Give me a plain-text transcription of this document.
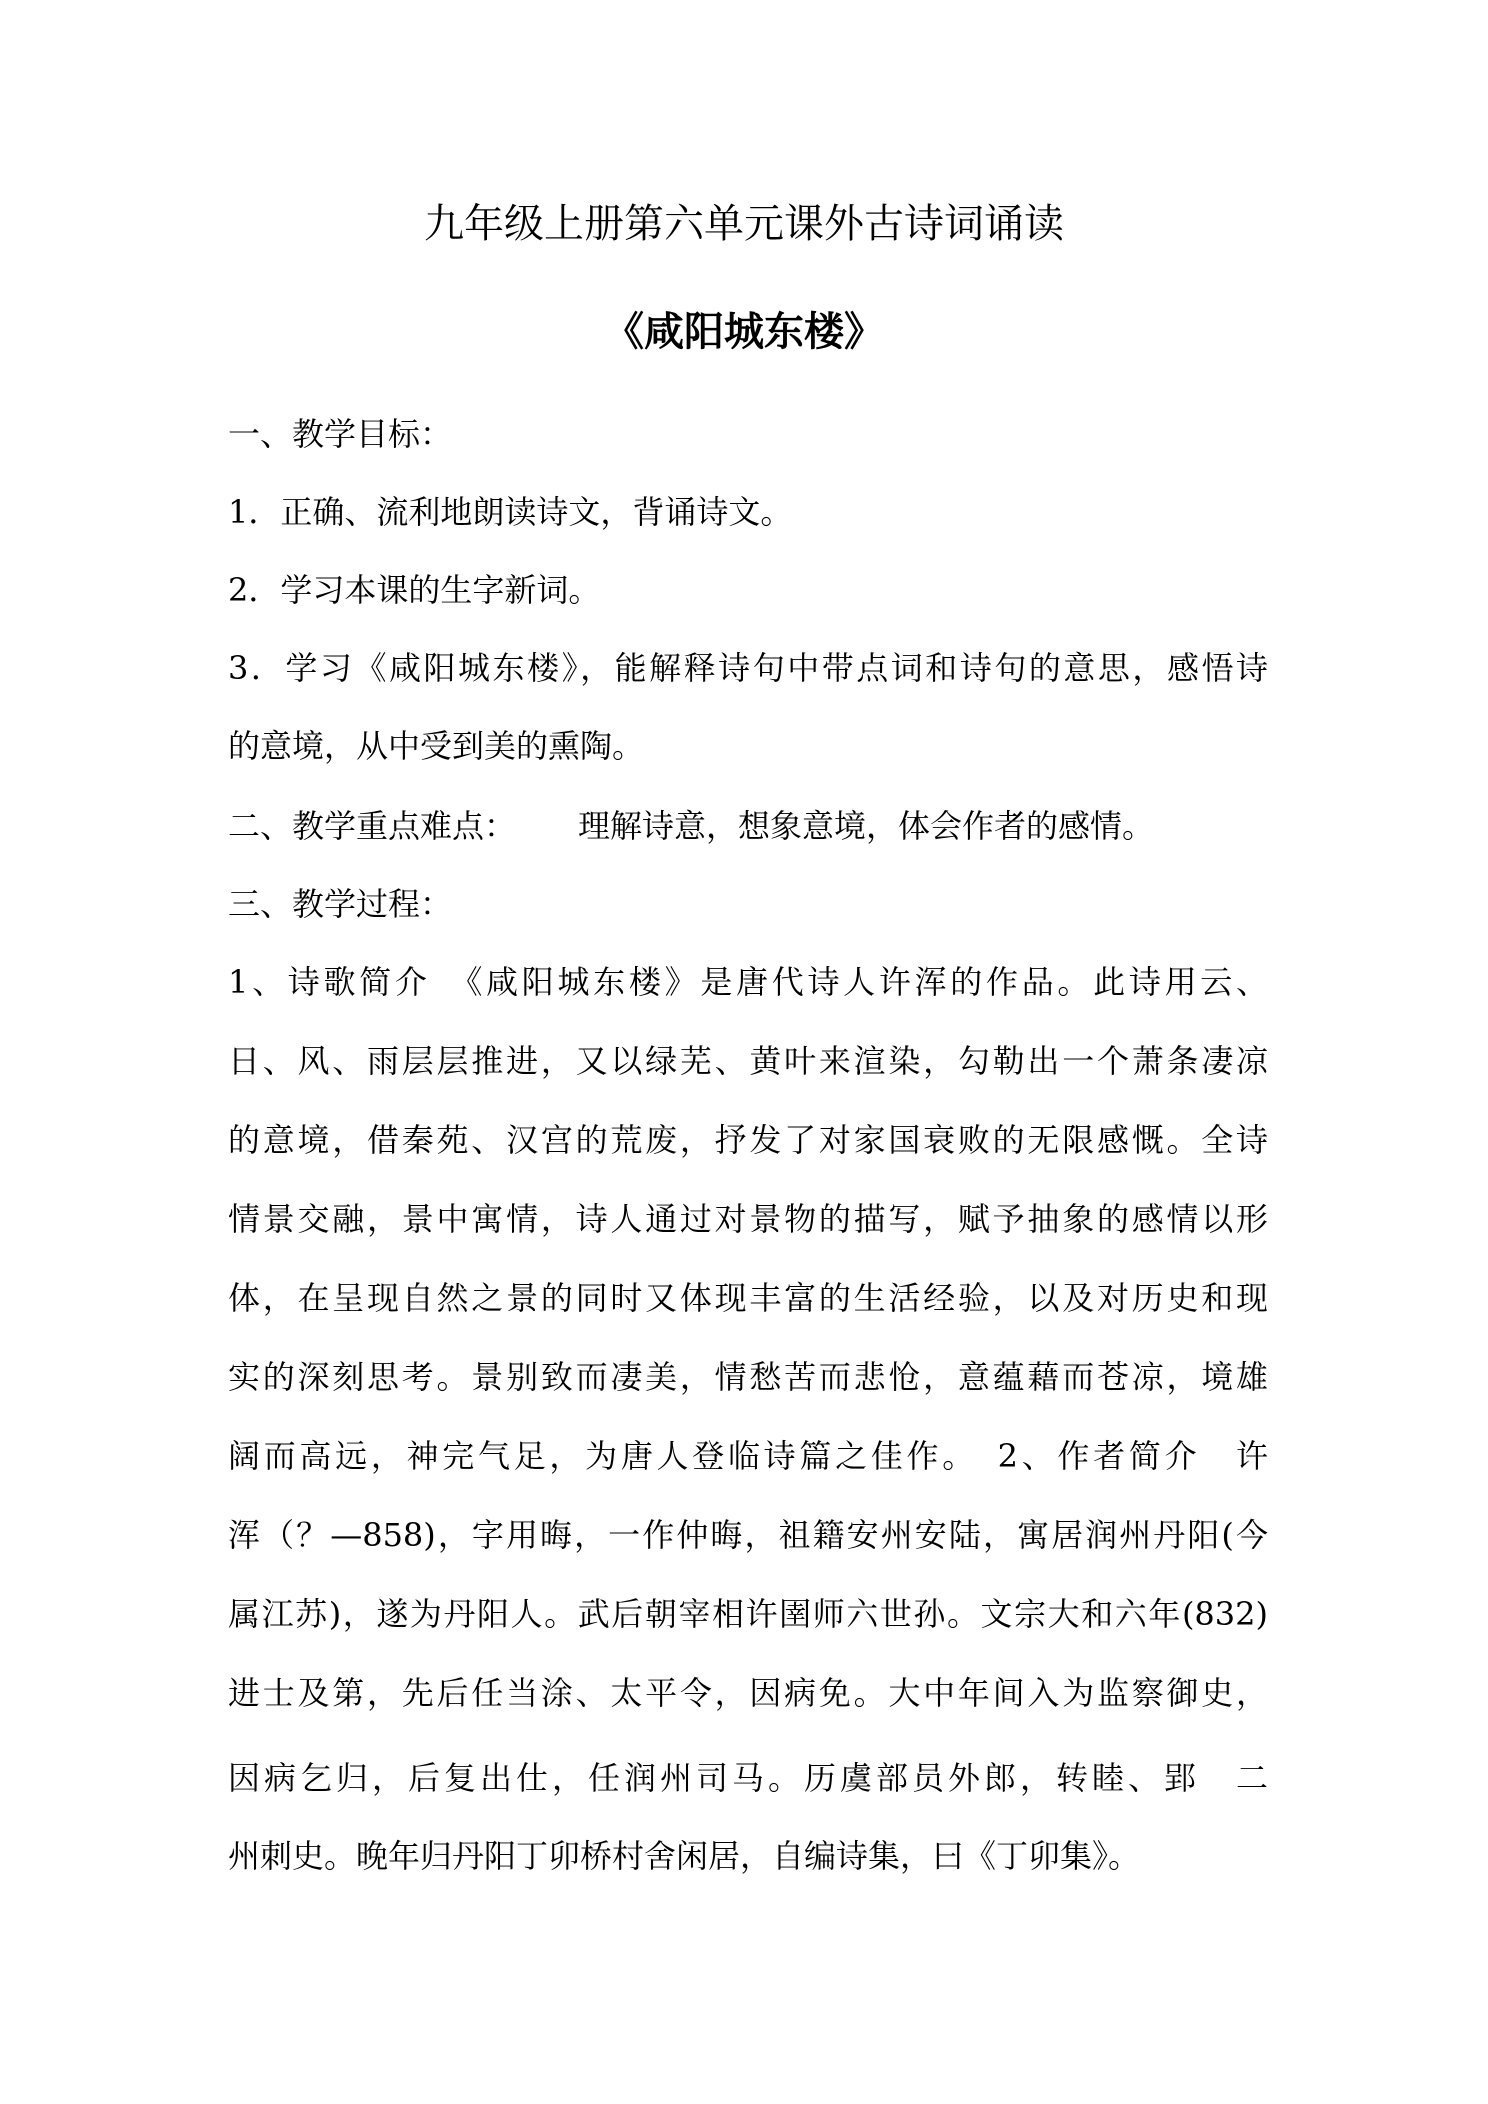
九年级上册第六单元课外古诗词诵读
《咸阳城东楼》
一、教学目标：
1．正确、流利地朗读诗文，背诵诗文。
2．学习本课的生字新词。
3．学习《咸阳城东楼》，能解释诗句中带点词和诗句的意思，感悟诗
的意境，从中受到美的熏陶。
二、教学重点难点： 理解诗意，想象意境，体会作者的感情。
三、教学过程：
1、诗歌简介　《咸阳城东楼》是唐代诗人许浑的作品。此诗用云、
日、风、雨层层推进，又以绿芜、黄叶来渲染，勾勒出一个萧条凄凉
的意境，借秦苑、汉宫的荒废，抒发了对家国衰败的无限感慨。全诗
情景交融，景中寓情，诗人通过对景物的描写，赋予抽象的感情以形
体，在呈现自然之景的同时又体现丰富的生活经验，以及对历史和现
实的深刻思考。景别致而凄美，情愁苦而悲怆，意蕴藉而苍凉，境雄
阔而高远，神完气足，为唐人登临诗篇之佳作。　2、作者简介　许
浑（？—858)，字用晦，一作仲晦，祖籍安州安陆，寓居润州丹阳(今
属江苏)，遂为丹阳人。武后朝宰相许圉师六世孙。文宗大和六年(832)
进士及第，先后任当涂、太平令，因病免。大中年间入为监察御史，
因病乞归，后复出仕，任润州司马。历虞部员外郎，转睦、郢　二
州刺史。晚年归丹阳丁卯桥村舍闲居，自编诗集，曰《丁卯集》。
